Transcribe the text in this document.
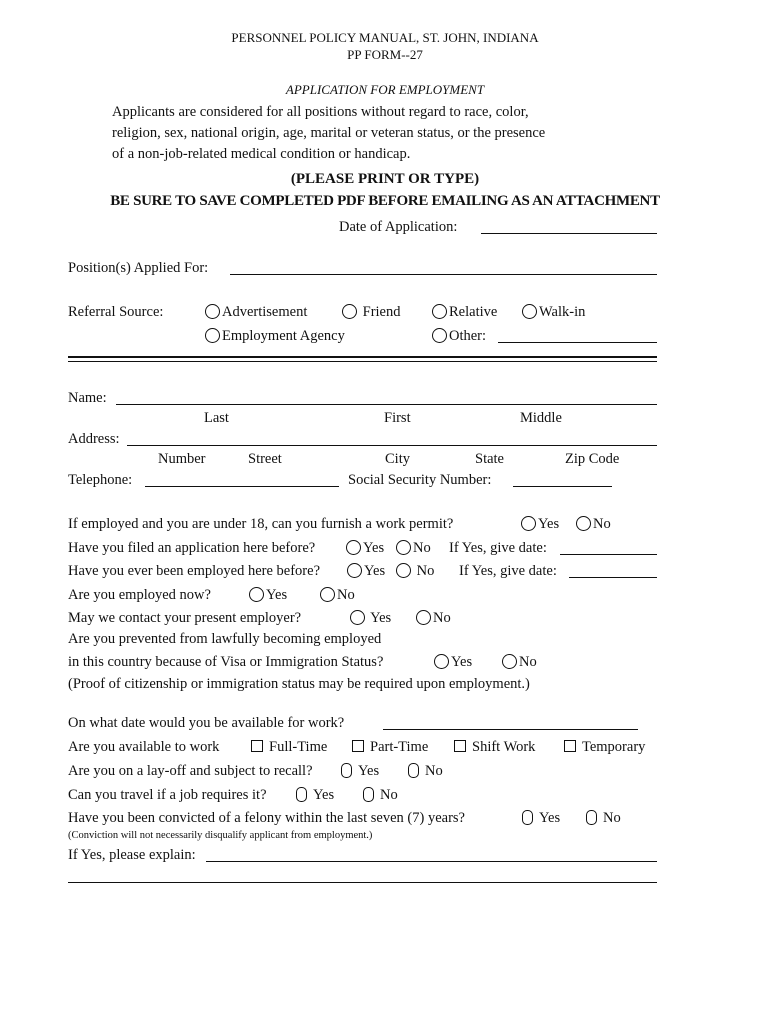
PERSONNEL POLICY MANUAL, ST. JOHN, INDIANA
PP FORM--27
APPLICATION FOR EMPLOYMENT
Applicants are considered for all positions without regard to race, color,
religion, sex, national origin, age, marital or veteran status, or the presence
of a non-job-related medical condition or handicap.
(PLEASE PRINT OR TYPE)
BE SURE TO SAVE COMPLETED PDF BEFORE EMAILING AS AN ATTACHMENT
Date of Application:
Position(s) Applied For:
Referral Source:	Advertisement	Friend	Relative	Walk-in
Employment Agency	Other:
Name:
Last	First	Middle
Address:
Number	Street	City	State	Zip Code
Telephone:	Social Security Number:
If employed and you are under 18, can you furnish a work permit?	Yes	No
Have you filed an application here before?	Yes	No If Yes, give date:
Have you ever been employed here before?	Yes	No If Yes, give date:
Are you employed now?	Yes	No
May we contact your present employer?	Yes	No
Are you prevented from lawfully becoming employed
in this country because of Visa or Immigration Status?	Yes	No
(Proof of citizenship or immigration status may be required upon employment.)
On what date would you be available for work?
Are you available to work	Full-Time	Part-Time	Shift Work	Temporary
Are you on a lay-off and subject to recall?	Yes	No
Can you travel if a job requires it?	Yes	No
Have you been convicted of a felony within the last seven (7) years?	Yes	No
(Conviction will not necessarily disqualify applicant from employment.)
If Yes, please explain:
